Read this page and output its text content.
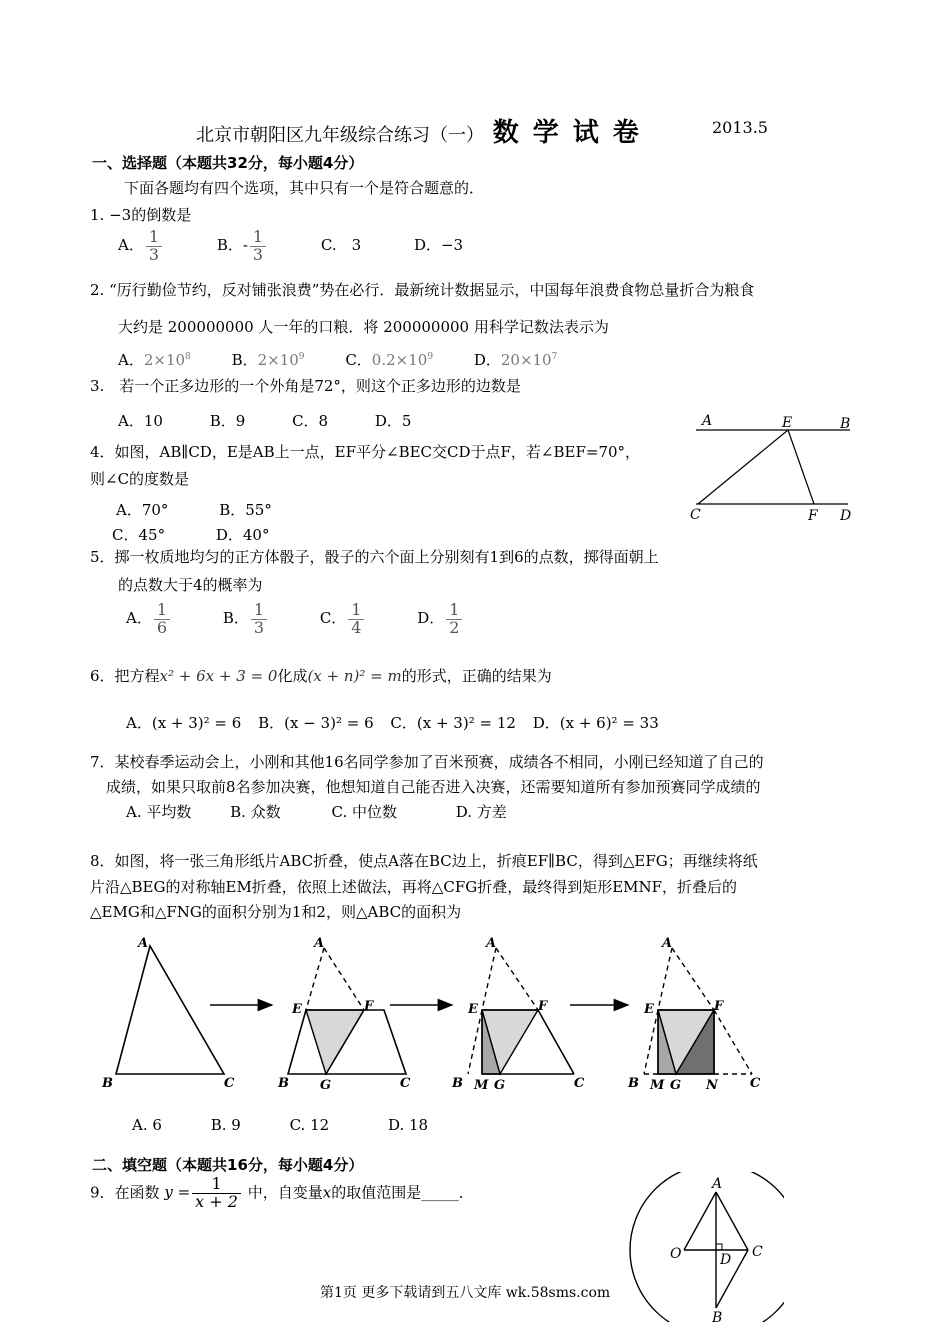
北京市朝阳区九年级综合练习（一） 数学试卷	2013.5
一、选择题（本题共32分，每小题4分）
下面各题均有四个选项，其中只有一个是符合题意的．
1. −3的倒数是
A． $\frac{1}{3}$	B．- $\frac{1}{3}$	C.　3	D．−3
2. “厉行勤俭节约，反对铺张浪费”势在必行．最新统计数据显示，中国每年浪费食物总量折合为粮食
大约是 200000000 人一年的口粮．将 200000000 用科学记数法表示为
A．$2\times 10^8$	B．$2\times 10^9$	C．$0.2\times 10^9$	D．$20\times 10^7$
3.　若一个正多边形的一个外角是72°，则这个正多边形的边数是
A．10	B．9	C．8	D．5	A	E	B
C	F D
4．如图，AB∥CD，E是AB上一点，EF平分∠BEC交CD于点F，若∠BEF=70°，
则∠C的度数是
A．70°	B．55°
C．45°	D．40°
5．掷一枚质地均匀的正方体骰子，骰子的六个面上分别刻有1到6的点数，掷得面朝上
的点数大于4的概率为
A． $\frac{1}{6}$	B． $\frac{1}{3}$	C． $\frac{1}{4}$	D． $\frac{1}{2}$
6．把方程x² + 6x + 3 = 0化成(x + n)² = m的形式，正确的结果为
A．(x + 3)² = 6 B．(x − 3)² = 6 C．(x + 3)² = 12 D．(x + 6)² = 33
7．某校春季运动会上，小刚和其他16名同学参加了百米预赛，成绩各不相同，小刚已经知道了自己的
成绩，如果只取前8名参加决赛，他想知道自己能否进入决赛，还需要知道所有参加预赛同学成绩的
A. 平均数	B. 众数	C. 中位数	D. 方差
8．如图，将一张三角形纸片ABC折叠，使点A落在BC边上，折痕EF∥BC，得到△EFG；再继续将纸
片沿△BEG的对称轴EM折叠，依照上述做法，再将△CFG折叠，最终得到矩形EMNF，折叠后的
△EMG和△FNG的面积分别为1和2，则△ABC的面积为
A
B	C
A
E	F
B G	C
A
E	F
B M G	C
A
E	F
B M G N C
A. 6	B. 9	C. 12	D. 18
二、填空题（本题共16分，每小题4分）
9．在函数 $y = \frac{1}{x + 2}$ 中，自变量x的取值范围是_____．	A
O	D C
B
第1页 更多下载请到五八文库 wk.58sms.com
